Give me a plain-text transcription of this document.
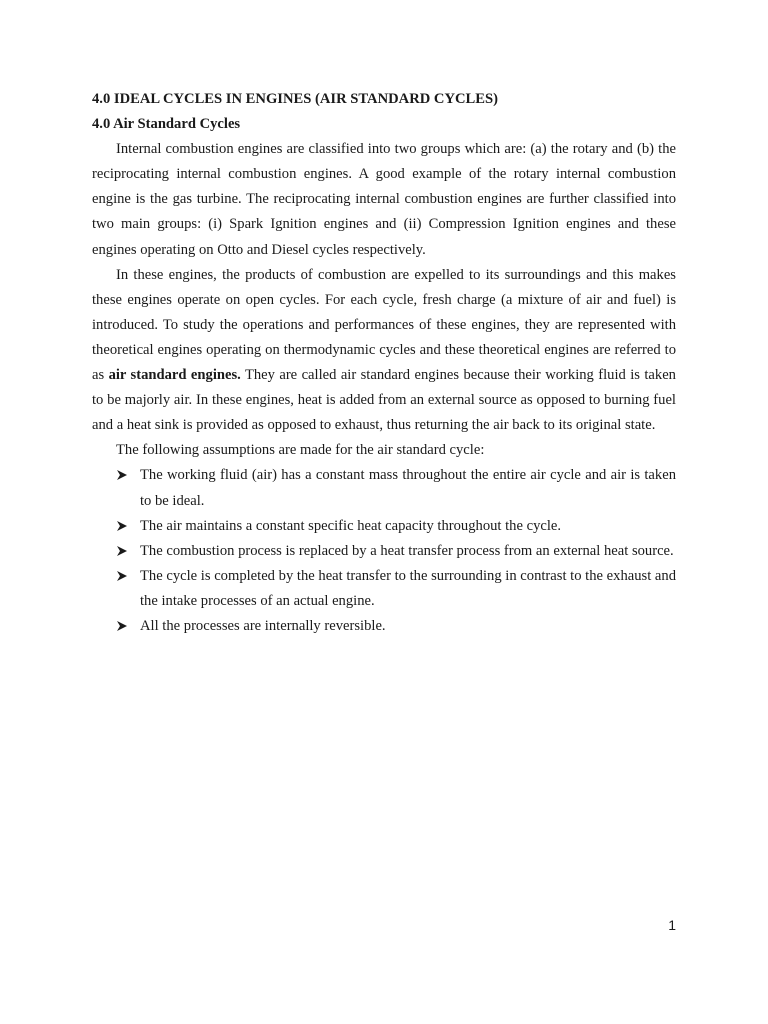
4.0 IDEAL CYCLES IN ENGINES (AIR STANDARD CYCLES)

4.0 Air Standard Cycles

Internal combustion engines are classified into two groups which are: (a) the rotary and (b) the reciprocating internal combustion engines. A good example of the rotary internal combustion engine is the gas turbine. The reciprocating internal combustion engines are further classified into two main groups: (i) Spark Ignition engines and (ii) Compression Ignition engines and these engines operating on Otto and Diesel cycles respectively.

In these engines, the products of combustion are expelled to its surroundings and this makes these engines operate on open cycles. For each cycle, fresh charge (a mixture of air and fuel) is introduced. To study the operations and performances of these engines, they are represented with theoretical engines operating on thermodynamic cycles and these theoretical engines are referred to as air standard engines. They are called air standard engines because their working fluid is taken to be majorly air. In these engines, heat is added from an external source as opposed to burning fuel and a heat sink is provided as opposed to exhaust, thus returning the air back to its original state.

The following assumptions are made for the air standard cycle:

The working fluid (air) has a constant mass throughout the entire air cycle and air is taken to be ideal.
The air maintains a constant specific heat capacity throughout the cycle.
The combustion process is replaced by a heat transfer process from an external heat source.
The cycle is completed by the heat transfer to the surrounding in contrast to the exhaust and the intake processes of an actual engine.
All the processes are internally reversible.
1
